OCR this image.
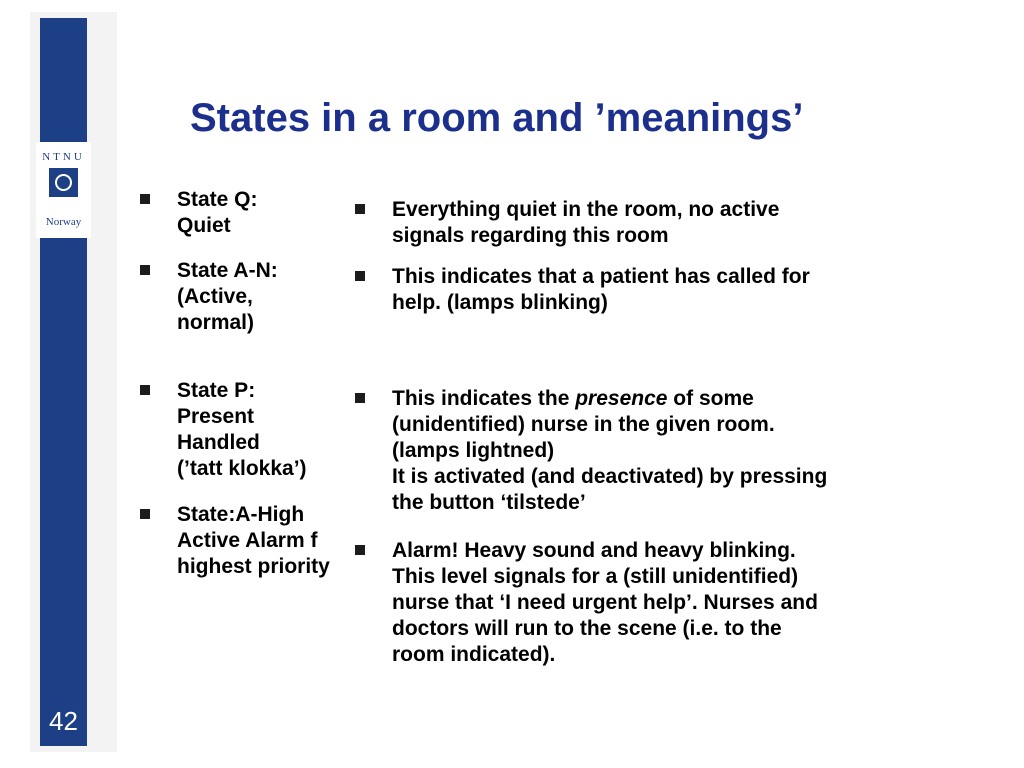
NTNU
Norway
42
States in a room and ’meanings’
State Q:
Quiet
State A-N:
(Active,
normal)
State P:
Present
Handled
(’tatt klokka’)
State:A-High
Active Alarm f
highest priority
Everything quiet in the room, no active
signals regarding this room
This indicates that a patient has called for
help. (lamps blinking)
This indicates the presence of some
(unidentified) nurse in the given room.
(lamps lightned)
It is activated (and deactivated) by pressing
the button ‘tilstede’
Alarm! Heavy sound and heavy blinking.
This level signals for a (still unidentified)
nurse that ‘I need urgent help’. Nurses and
doctors will run to the scene (i.e. to the
room indicated).
